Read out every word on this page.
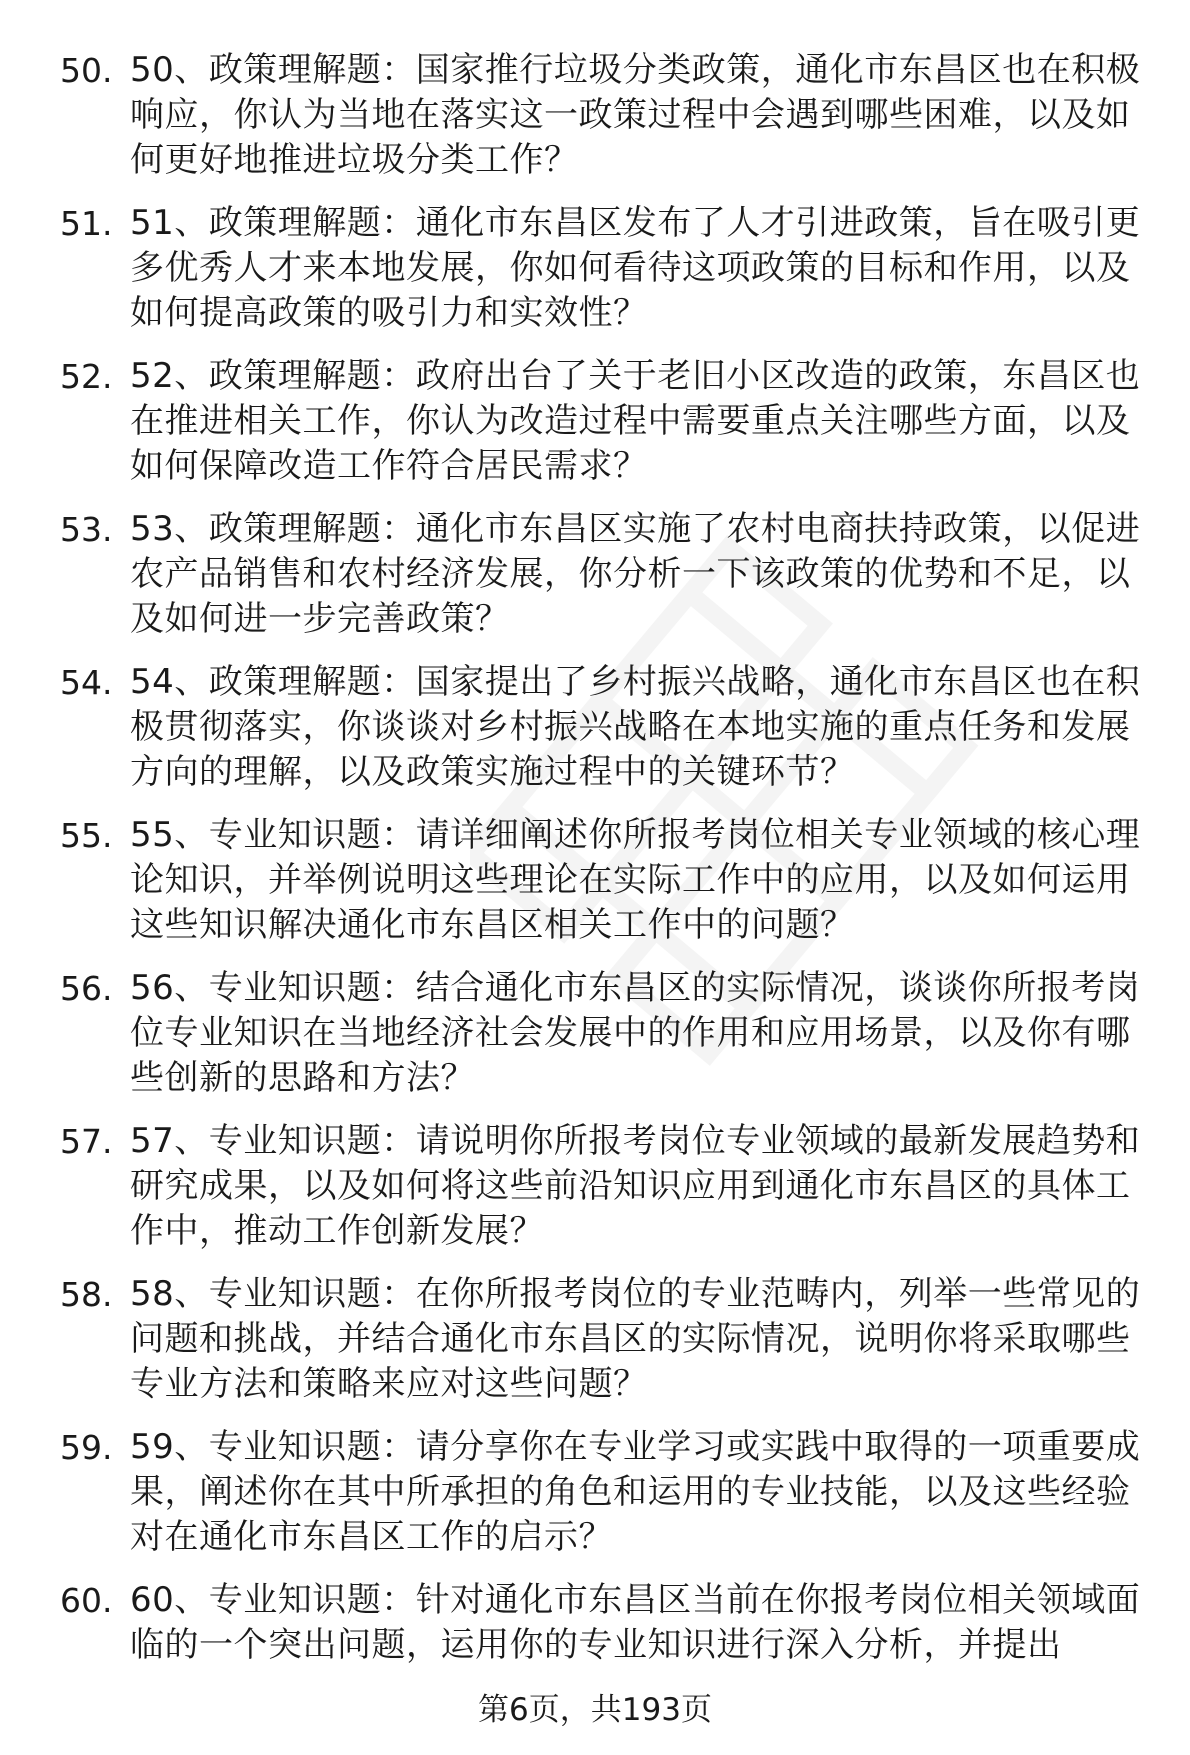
50. 50、政策理解题：国家推行垃圾分类政策，通化市东昌区也在积极响应，你认为当地在落实这一政策过程中会遇到哪些困难，以及如何更好地推进垃圾分类工作？
51. 51、政策理解题：通化市东昌区发布了人才引进政策，旨在吸引更多优秀人才来本地发展，你如何看待这项政策的目标和作用，以及如何提高政策的吸引力和实效性？
52. 52、政策理解题：政府出台了关于老旧小区改造的政策，东昌区也在推进相关工作，你认为改造过程中需要重点关注哪些方面，以及如何保障改造工作符合居民需求？
53. 53、政策理解题：通化市东昌区实施了农村电商扶持政策，以促进农产品销售和农村经济发展，你分析一下该政策的优势和不足，以及如何进一步完善政策？
54. 54、政策理解题：国家提出了乡村振兴战略，通化市东昌区也在积极贯彻落实，你谈谈对乡村振兴战略在本地实施的重点任务和发展方向的理解，以及政策实施过程中的关键环节？
55. 55、专业知识题：请详细阐述你所报考岗位相关专业领域的核心理论知识，并举例说明这些理论在实际工作中的应用，以及如何运用这些知识解决通化市东昌区相关工作中的问题？
56. 56、专业知识题：结合通化市东昌区的实际情况，谈谈你所报考岗位专业知识在当地经济社会发展中的作用和应用场景，以及你有哪些创新的思路和方法？
57. 57、专业知识题：请说明你所报考岗位专业领域的最新发展趋势和研究成果，以及如何将这些前沿知识应用到通化市东昌区的具体工作中，推动工作创新发展？
58. 58、专业知识题：在你所报考岗位的专业范畴内，列举一些常见的问题和挑战，并结合通化市东昌区的实际情况，说明你将采取哪些专业方法和策略来应对这些问题？
59. 59、专业知识题：请分享你在专业学习或实践中取得的一项重要成果，阐述你在其中所承担的角色和运用的专业技能，以及这些经验对在通化市东昌区工作的启示？
60. 60、专业知识题：针对通化市东昌区当前在你报考岗位相关领域面临的一个突出问题，运用你的专业知识进行深入分析，并提出
第6页，共193页
